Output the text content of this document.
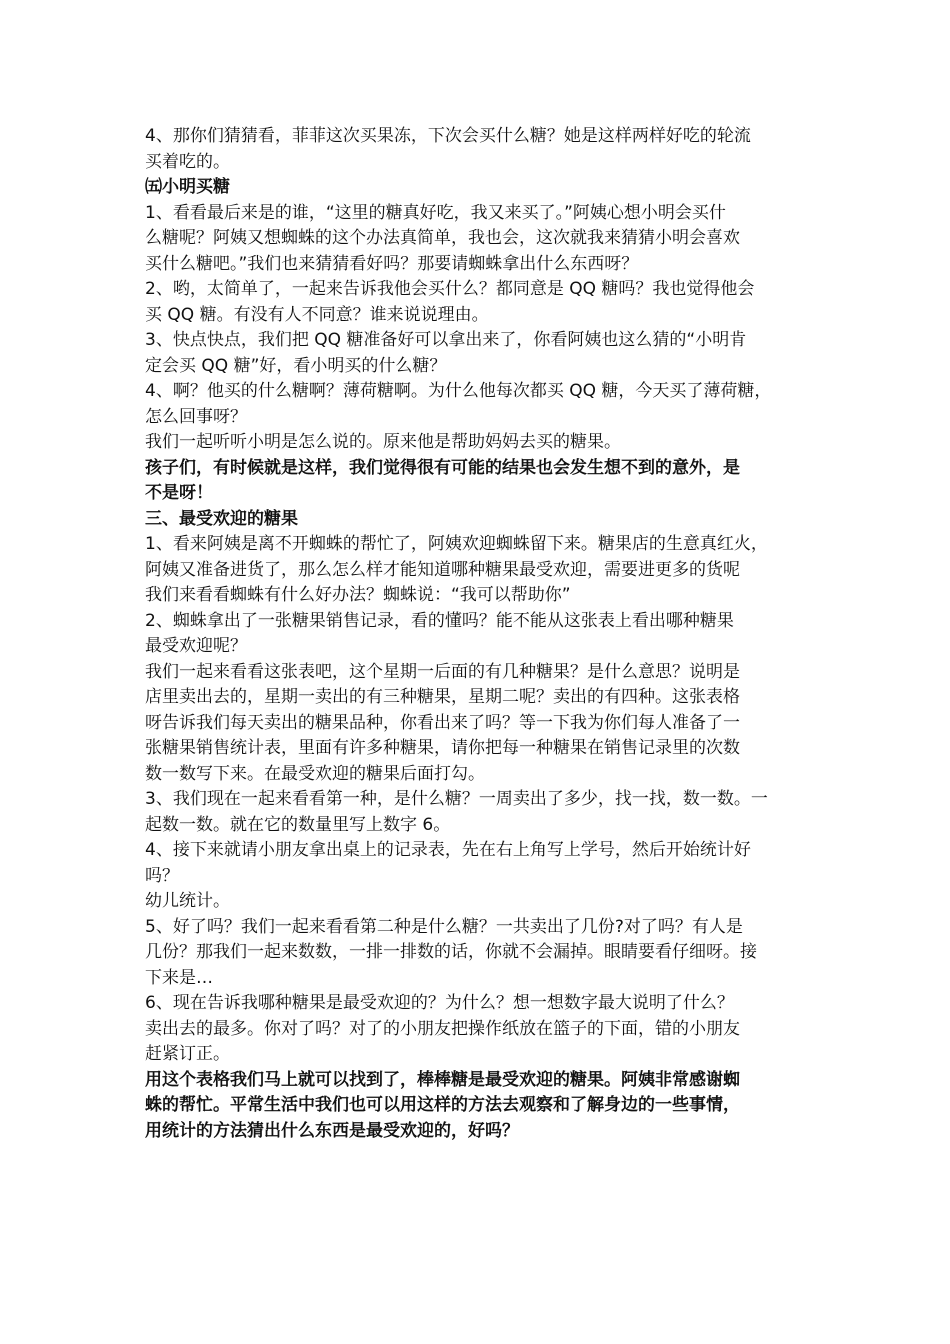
4、那你们猜猜看，菲菲这次买果冻，下次会买什么糖？她是这样两样好吃的轮流
买着吃的。
㈤小明买糖
1、看看最后来是的谁，“这里的糖真好吃，我又来买了。”阿姨心想小明会买什
么糖呢？阿姨又想蜘蛛的这个办法真简单，我也会，这次就我来猜猜小明会喜欢
买什么糖吧。”我们也来猜猜看好吗？那要请蜘蛛拿出什么东西呀？
2、哟，太简单了，一起来告诉我他会买什么？都同意是 QQ 糖吗？我也觉得他会
买 QQ 糖。有没有人不同意？谁来说说理由。
3、快点快点，我们把 QQ 糖准备好可以拿出来了，你看阿姨也这么猜的“小明肯
定会买 QQ 糖”好，看小明买的什么糖？
4、啊？他买的什么糖啊？薄荷糖啊。为什么他每次都买 QQ 糖，今天买了薄荷糖，
怎么回事呀？
我们一起听听小明是怎么说的。原来他是帮助妈妈去买的糖果。
孩子们，有时候就是这样，我们觉得很有可能的结果也会发生想不到的意外，是
不是呀！
三、最受欢迎的糖果
1、看来阿姨是离不开蜘蛛的帮忙了，阿姨欢迎蜘蛛留下来。糖果店的生意真红火，
阿姨又准备进货了，那么怎么样才能知道哪种糖果最受欢迎，需要进更多的货呢
我们来看看蜘蛛有什么好办法？蜘蛛说：“我可以帮助你”
2、蜘蛛拿出了一张糖果销售记录，看的懂吗？能不能从这张表上看出哪种糖果
最受欢迎呢？
我们一起来看看这张表吧，这个星期一后面的有几种糖果？是什么意思？说明是
店里卖出去的，星期一卖出的有三种糖果，星期二呢？卖出的有四种。这张表格
呀告诉我们每天卖出的糖果品种，你看出来了吗？等一下我为你们每人准备了一
张糖果销售统计表，里面有许多种糖果，请你把每一种糖果在销售记录里的次数
数一数写下来。在最受欢迎的糖果后面打勾。
3、我们现在一起来看看第一种，是什么糖？一周卖出了多少，找一找，数一数。一
起数一数。就在它的数量里写上数字 6。
4、接下来就请小朋友拿出桌上的记录表，先在右上角写上学号，然后开始统计好
吗？
幼儿统计。
5、好了吗？我们一起来看看第二种是什么糖？一共卖出了几份?对了吗？有人是
几份？那我们一起来数数，一排一排数的话，你就不会漏掉。眼睛要看仔细呀。接
下来是…
6、现在告诉我哪种糖果是最受欢迎的？为什么？想一想数字最大说明了什么？
卖出去的最多。你对了吗？对了的小朋友把操作纸放在篮子的下面，错的小朋友
赶紧订正。
用这个表格我们马上就可以找到了，棒棒糖是最受欢迎的糖果。阿姨非常感谢蜘
蛛的帮忙。平常生活中我们也可以用这样的方法去观察和了解身边的一些事情，
用统计的方法猜出什么东西是最受欢迎的，好吗？
